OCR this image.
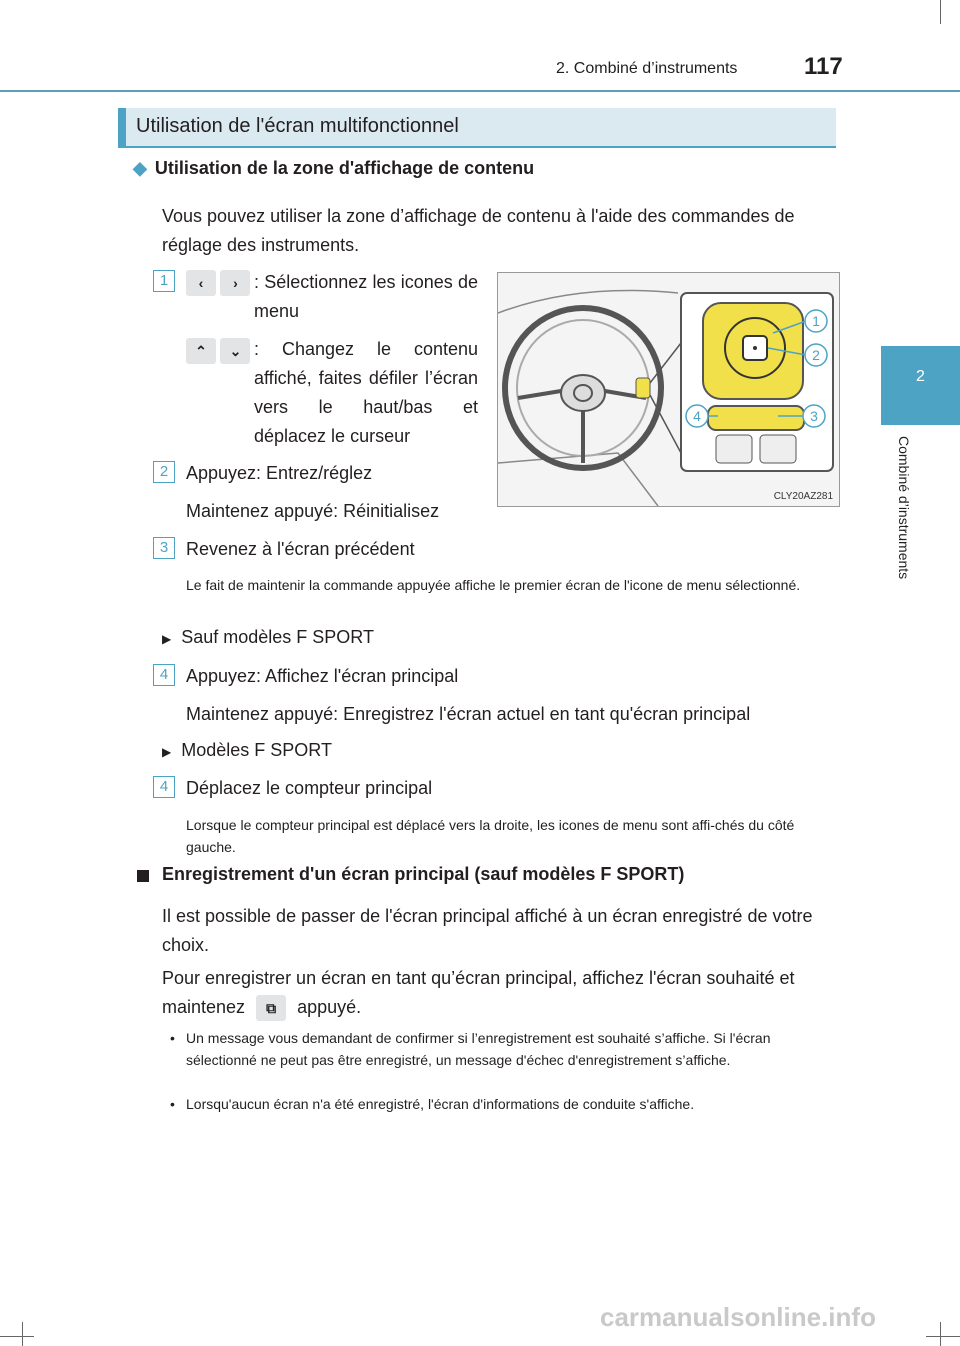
2. Combiné d’instruments	117
2
Combiné d’instruments
Utilisation de l'écran multifonctionnel
◆ Utilisation de la zone d'affichage de contenu
Vous pouvez utiliser la zone d’affichage de contenu à l'aide des commandes de réglage des instruments.
1	‹ › : Sélectionnez les icones de menu
⌃ ⌄ : Changez le contenu affiché, faites défiler l’écran vers le haut/bas et déplacez le curseur
2 Appuyez: Entrez/réglez
Maintenez appuyé: Réinitialisez
3 Revenez à l'écran précédent
Le fait de maintenir la commande appuyée affiche le premier écran de l'icone de menu sélectionné.
▶ Sauf modèles F SPORT
4 Appuyez: Affichez l'écran principal
Maintenez appuyé: Enregistrez l'écran actuel en tant qu'écran principal
▶ Modèles F SPORT
4 Déplacez le compteur principal
Lorsque le compteur principal est déplacé vers la droite, les icones de menu sont affi-chés du côté gauche.
Enregistrement d'un écran principal (sauf modèles F SPORT)
Il est possible de passer de l'écran principal affiché à un écran enregistré de votre choix.
Pour enregistrer un écran en tant qu’écran principal, affichez l'écran souhaité et maintenez ⧉ appuyé.
• Un message vous demandant de confirmer si l’enregistrement est souhaité s’affiche. Si l'écran sélectionné ne peut pas être enregistré, un message d'échec d'enregistrement s’affiche.
• Lorsqu'aucun écran n'a été enregistré, l'écran d'informations de conduite s'affiche.
1
2
3
4
CLY20AZ281
carmanualsonline.info
